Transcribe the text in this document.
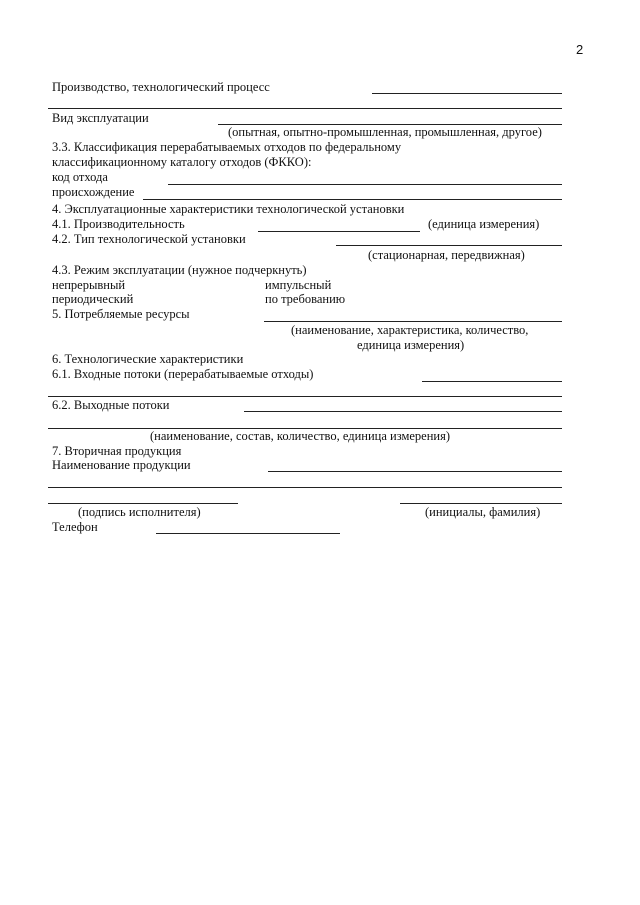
2
Производство, технологический процесс
Вид эксплуатации
(опытная, опытно-промышленная, промышленная, другое)
3.3. Классификация перерабатываемых отходов по федеральному
классификационному каталогу отходов (ФККО):
код отхода
происхождение
4. Эксплуатационные характеристики технологической установки
4.1. Производительность	(единица измерения)
4.2. Тип технологической установки
(стационарная, передвижная)
4.3. Режим эксплуатации (нужное подчеркнуть)
непрерывный	импульсный
периодический	по требованию
5. Потребляемые ресурсы
(наименование, характеристика, количество,
единица измерения)
6. Технологические характеристики
6.1. Входные потоки (перерабатываемые отходы)
6.2. Выходные потоки
(наименование, состав, количество, единица измерения)
7. Вторичная продукция
Наименование продукции
(подпись исполнителя)	(инициалы, фамилия)
Телефон
